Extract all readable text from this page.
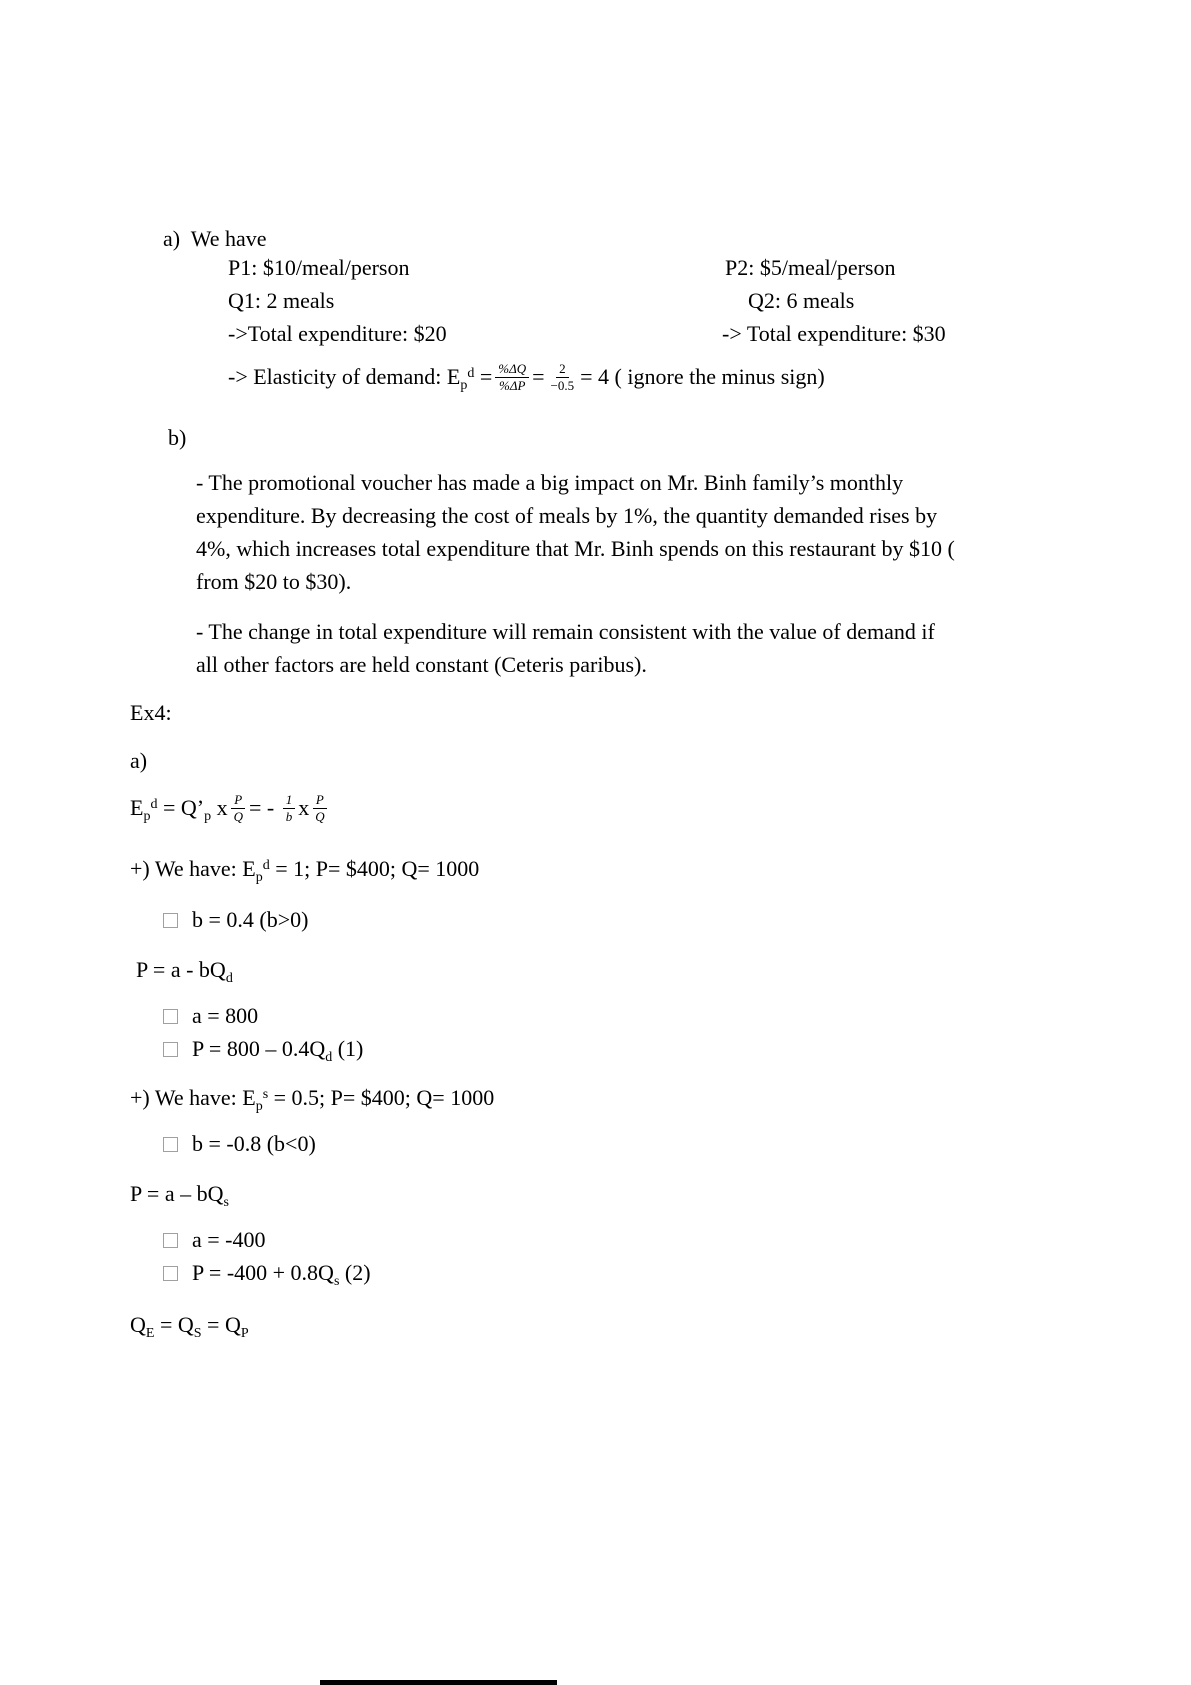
a)  We have
P1: $10/meal/person	P2: $5/meal/person
Q1: 2 meals	Q2: 6 meals
->Total expenditure: $20	-> Total expenditure: $30
-> Elasticity of demand: $E_p^d = \frac{\%\Delta Q}{\%\Delta P} = \frac{2}{-0.5} = 4$ ( ignore the minus sign)
b)
- The promotional voucher has made a big impact on Mr. Binh family’s monthly expenditure. By decreasing the cost of meals by 1%, the quantity demanded rises by 4%, which increases total expenditure that Mr. Binh spends on this restaurant by $10 ( from $20 to $30).
- The change in total expenditure will remain consistent with the value of demand if all other factors are held constant (Ceteris paribus).
Ex4:
a)
$E_p^d$ = $Q’_p$ x $\frac{P}{Q}$ = - $\frac{1}{b}$ x $\frac{P}{Q}$
+) We have: $E_p^d = 1$; P= $400; Q= 1000
b = 0.4 (b>0)
$P = a - bQ_d$
a = 800
$P = 800 - 0.4Q_d$ (1)
+) We have: $E_p^s = 0.5$; P= $400; Q= 1000
b = -0.8 (b<0)
$P = a - bQ_s$
a = -400
$P = -400 + 0.8Q_s$ (2)
$Q_E = Q_S = Q_P$
